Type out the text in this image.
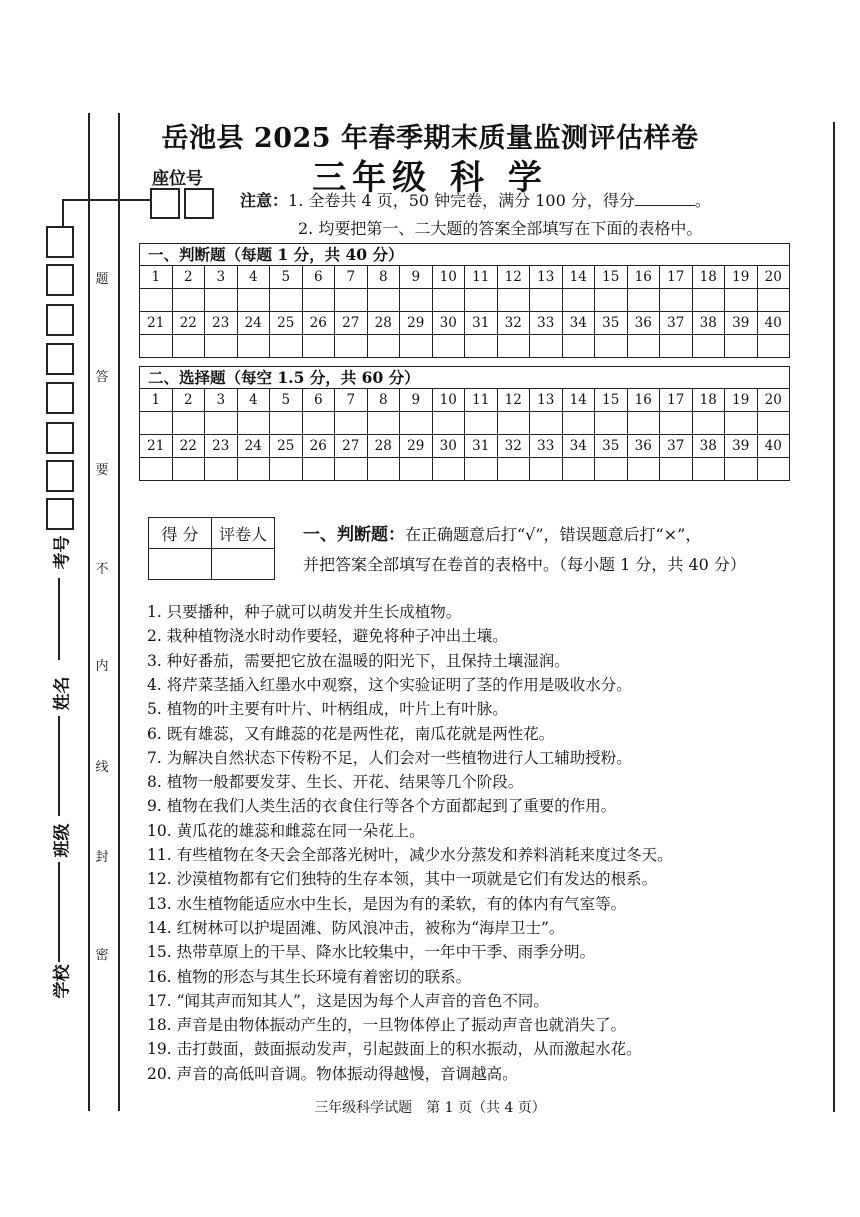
岳池县 2025 年春季期末质量监测评估样卷
三年级 科 学
座位号
注意：1. 全卷共 4 页，50 钟完卷，满分 100 分，得分	。
2. 均要把第一、二大题的答案全部填写在下面的表格中。
考号
姓名
班级
学校
题
答
要
不
内
线
封
密
一、判断题（每题 1 分，共 40 分）
1	2	3	4	5	6	7	8	9	10	11	12	13	14	15	16	17	18	19	20

21	22	23	24	25	26	27	28	29	30	31	32	33	34	35	36	37	38	39	40

二、选择题（每空 1.5 分，共 60 分）
1	2	3	4	5	6	7	8	9	10	11	12	13	14	15	16	17	18	19	20

21	22	23	24	25	26	27	28	29	30	31	32	33	34	35	36	37	38	39	40

得 分	评卷人
	一、判断题：在正确题意后打“√”，错误题意后打“×”，
并把答案全部填写在卷首的表格中。（每小题 1 分，共 40 分）
1. 只要播种，种子就可以萌发并生长成植物。
2. 栽种植物浇水时动作要轻，避免将种子冲出土壤。
3. 种好番茄，需要把它放在温暖的阳光下，且保持土壤湿润。
4. 将芹菜茎插入红墨水中观察，这个实验证明了茎的作用是吸收水分。
5. 植物的叶主要有叶片、叶柄组成，叶片上有叶脉。
6. 既有雄蕊，又有雌蕊的花是两性花，南瓜花就是两性花。
7. 为解决自然状态下传粉不足，人们会对一些植物进行人工辅助授粉。
8. 植物一般都要发芽、生长、开花、结果等几个阶段。
9. 植物在我们人类生活的衣食住行等各个方面都起到了重要的作用。
10. 黄瓜花的雄蕊和雌蕊在同一朵花上。
11. 有些植物在冬天会全部落光树叶，减少水分蒸发和养料消耗来度过冬天。
12. 沙漠植物都有它们独特的生存本领，其中一项就是它们有发达的根系。
13. 水生植物能适应水中生长，是因为有的柔软，有的体内有气室等。
14. 红树林可以护堤固滩、防风浪冲击，被称为“海岸卫士”。
15. 热带草原上的干旱、降水比较集中，一年中干季、雨季分明。
16. 植物的形态与其生长环境有着密切的联系。
17. “闻其声而知其人”，这是因为每个人声音的音色不同。
18. 声音是由物体振动产生的，一旦物体停止了振动声音也就消失了。
19. 击打鼓面，鼓面振动发声，引起鼓面上的积水振动，从而激起水花。
20. 声音的高低叫音调。物体振动得越慢，音调越高。
三年级科学试题　第 1 页（共 4 页）
